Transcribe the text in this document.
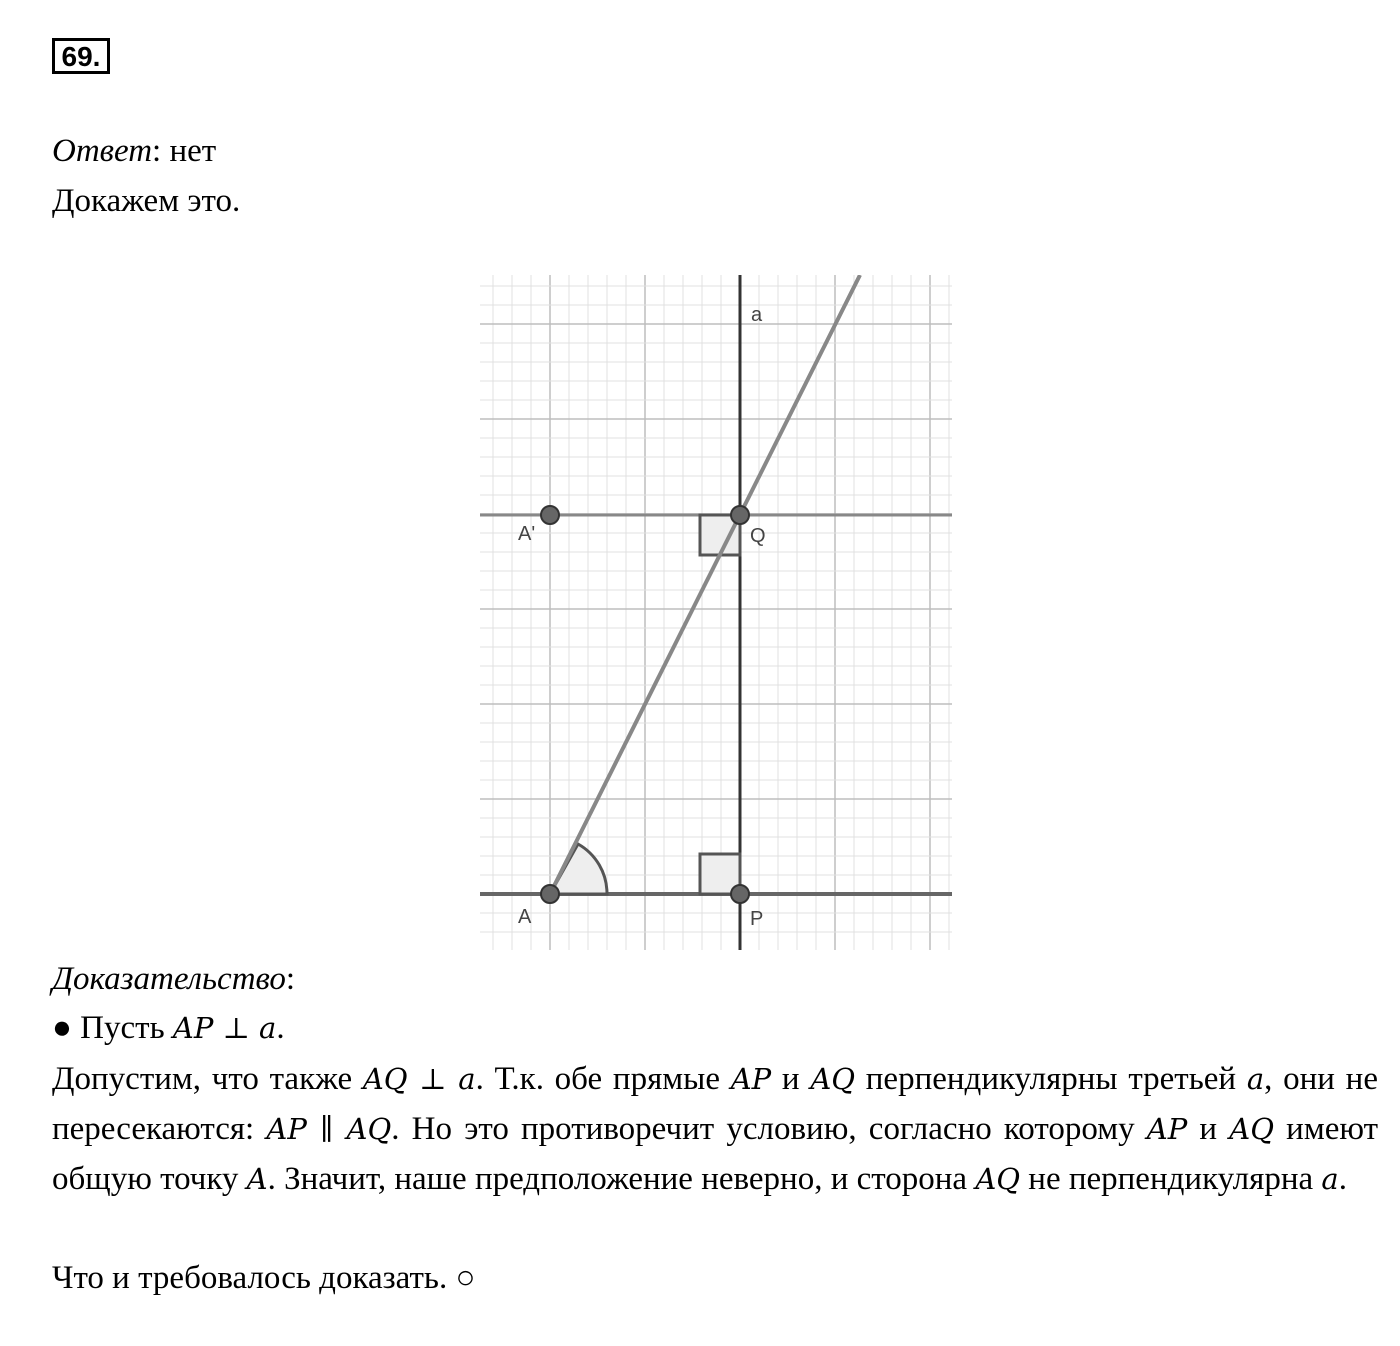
69.
Ответ: нет
Докажем это.
a
A'	Q
A	P
Доказательство:
● Пусть AP ⊥ a.
Допустим, что также AQ ⊥ a. Т.к. обе прямые AP и AQ перпендикулярны третьей a, они не пересекаются: AP ∥ AQ. Но это противоречит условию, согласно которому AP и AQ имеют общую точку A. Значит, наше предположение неверно, и сторона AQ не перпендикулярна a.
Что и требовалось доказать. ○
